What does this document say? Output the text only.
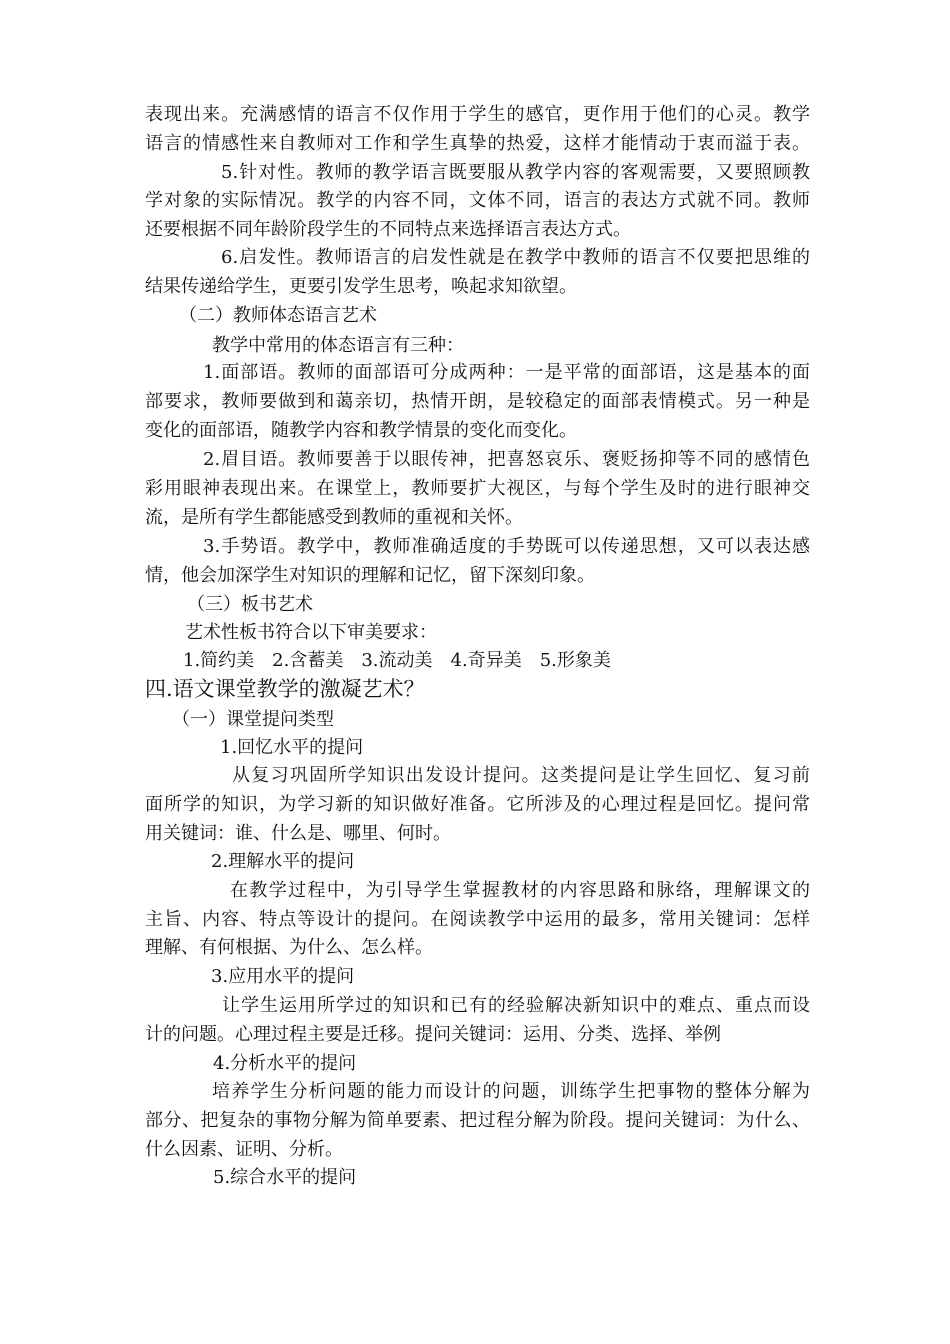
表现出来。充满感情的语言不仅作用于学生的感官，更作用于他们的心灵。教学
语言的情感性来自教师对工作和学生真挚的热爱，这样才能情动于衷而溢于表。
5.针对性。教师的教学语言既要服从教学内容的客观需要，又要照顾教
学对象的实际情况。教学的内容不同，文体不同，语言的表达方式就不同。教师
还要根据不同年龄阶段学生的不同特点来选择语言表达方式。
6.启发性。教师语言的启发性就是在教学中教师的语言不仅要把思维的
结果传递给学生，更要引发学生思考，唤起求知欲望。
（二）教师体态语言艺术
教学中常用的体态语言有三种：
1.面部语。教师的面部语可分成两种：一是平常的面部语，这是基本的面
部要求，教师要做到和蔼亲切，热情开朗，是较稳定的面部表情模式。另一种是
变化的面部语，随教学内容和教学情景的变化而变化。
2.眉目语。教师要善于以眼传神，把喜怒哀乐、褒贬扬抑等不同的感情色
彩用眼神表现出来。在课堂上，教师要扩大视区，与每个学生及时的进行眼神交
流，是所有学生都能感受到教师的重视和关怀。
3.手势语。教学中，教师准确适度的手势既可以传递思想，又可以表达感
情，他会加深学生对知识的理解和记忆，留下深刻印象。
（三）板书艺术
艺术性板书符合以下审美要求：
1.简约美　2.含蓄美　3.流动美　4.奇异美　5.形象美
四.语文课堂教学的激凝艺术？
（一）课堂提问类型
1.回忆水平的提问
从复习巩固所学知识出发设计提问。这类提问是让学生回忆、复习前
面所学的知识，为学习新的知识做好准备。它所涉及的心理过程是回忆。提问常
用关键词：谁、什么是、哪里、何时。
2.理解水平的提问
在教学过程中，为引导学生掌握教材的内容思路和脉络，理解课文的
主旨、内容、特点等设计的提问。在阅读教学中运用的最多，常用关键词：怎样
理解、有何根据、为什么、怎么样。
3.应用水平的提问
让学生运用所学过的知识和已有的经验解决新知识中的难点、重点而设
计的问题。心理过程主要是迁移。提问关键词：运用、分类、选择、举例
4.分析水平的提问
培养学生分析问题的能力而设计的问题，训练学生把事物的整体分解为
部分、把复杂的事物分解为简单要素、把过程分解为阶段。提问关键词：为什么、
什么因素、证明、分析。
5.综合水平的提问
